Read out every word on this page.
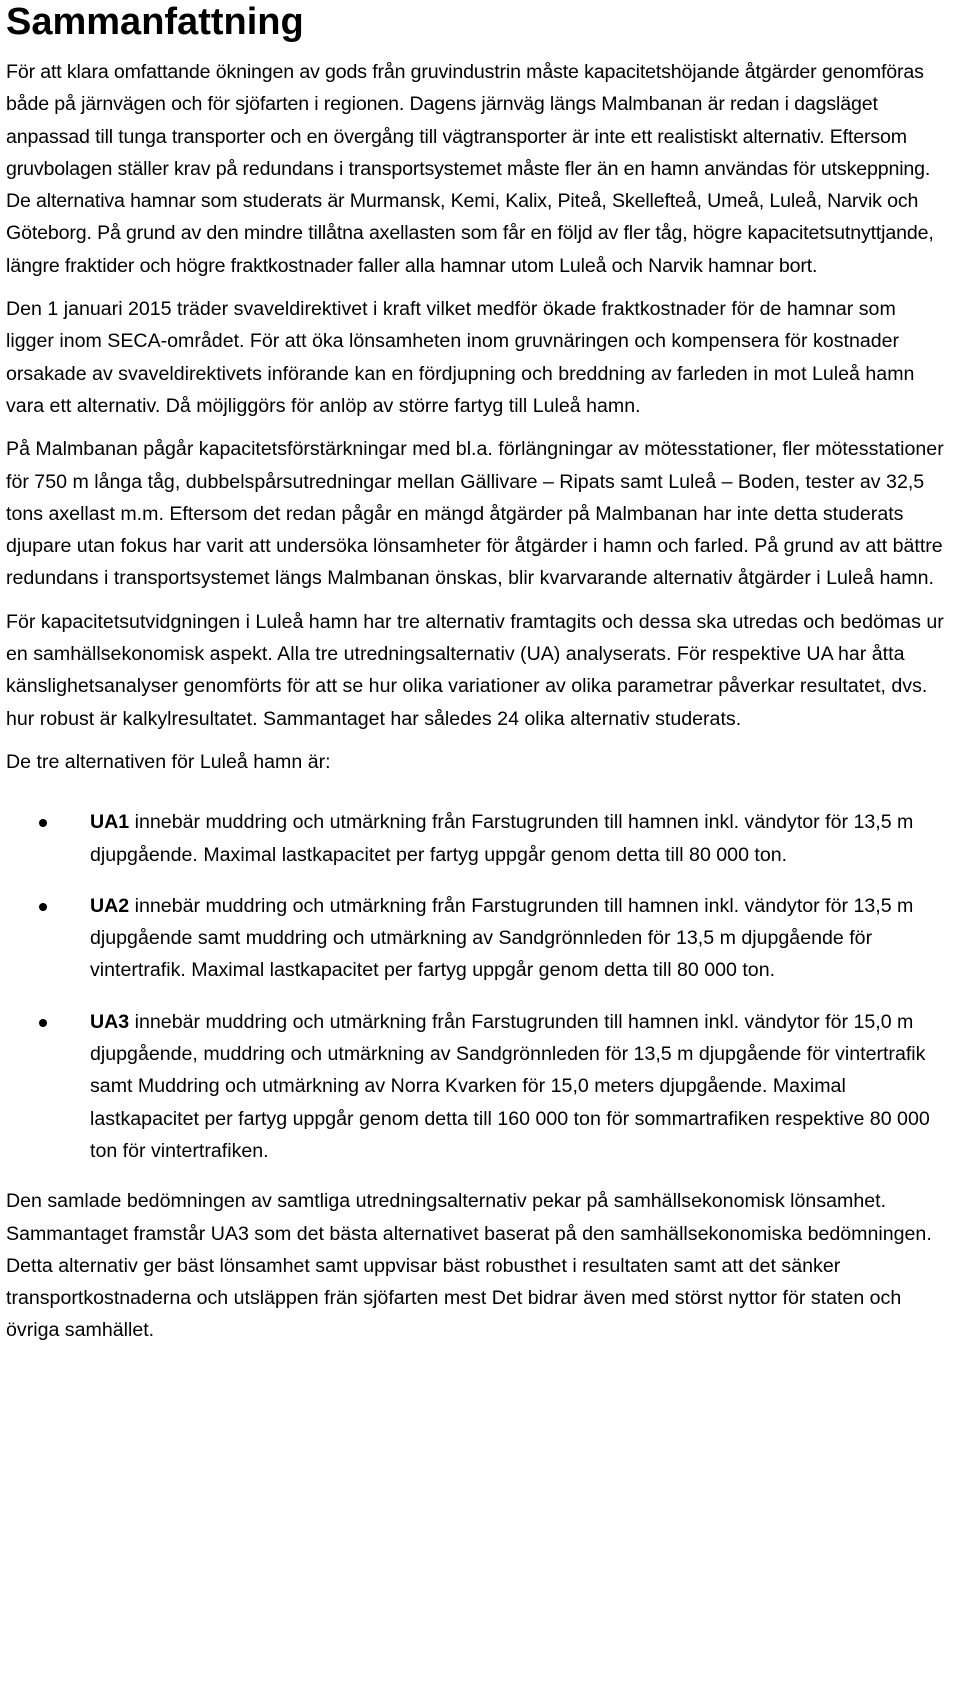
Sammanfattning

För att klara omfattande ökningen av gods från gruvindustrin måste kapacitetshöjande åtgärder genomföras både på järnvägen och för sjöfarten i regionen. Dagens järnväg längs Malmbanan är redan i dagsläget anpassad till tunga transporter och en övergång till vägtransporter är inte ett realistiskt alternativ. Eftersom gruvbolagen ställer krav på redundans i transportsystemet måste fler än en hamn användas för utskeppning. De alternativa hamnar som studerats är Murmansk, Kemi, Kalix, Piteå, Skellefteå, Umeå, Luleå, Narvik och Göteborg. På grund av den mindre tillåtna axellasten som får en följd av fler tåg, högre kapacitetsutnyttjande, längre fraktider och högre fraktkostnader faller alla hamnar utom Luleå och Narvik hamnar bort.

Den 1 januari 2015 träder svaveldirektivet i kraft vilket medför ökade fraktkostnader för de hamnar som ligger inom SECA-området. För att öka lönsamheten inom gruvnäringen och kompensera för kostnader orsakade av svaveldirektivets införande kan en fördjupning och breddning av farleden in mot Luleå hamn vara ett alternativ. Då möjliggörs för anlöp av större fartyg till Luleå hamn.

På Malmbanan pågår kapacitetsförstärkningar med bl.a. förlängningar av mötesstationer, fler mötesstationer för 750 m långa tåg, dubbelspårsutredningar mellan Gällivare – Ripats samt Luleå – Boden, tester av 32,5 tons axellast m.m. Eftersom det redan pågår en mängd åtgärder på Malmbanan har inte detta studerats djupare utan fokus har varit att undersöka lönsamheter för åtgärder i hamn och farled. På grund av att bättre redundans i transportsystemet längs Malmbanan önskas, blir kvarvarande alternativ åtgärder i Luleå hamn.

För kapacitetsutvidgningen i Luleå hamn har tre alternativ framtagits och dessa ska utredas och bedömas ur en samhällsekonomisk aspekt. Alla tre utredningsalternativ (UA) analyserats. För respektive UA har åtta känslighetsanalyser genomförts för att se hur olika variationer av olika parametrar påverkar resultatet, dvs. hur robust är kalkylresultatet. Sammantaget har således 24 olika alternativ studerats.

De tre alternativen för Luleå hamn är:

UA1 innebär muddring och utmärkning från Farstugrunden till hamnen inkl. vändytor för 13,5 m djupgående. Maximal lastkapacitet per fartyg uppgår genom detta till 80 000 ton.
UA2 innebär muddring och utmärkning från Farstugrunden till hamnen inkl. vändytor för 13,5 m djupgående samt muddring och utmärkning av Sandgrönnleden för 13,5 m djupgående för vintertrafik. Maximal lastkapacitet per fartyg uppgår genom detta till 80 000 ton.
UA3 innebär muddring och utmärkning från Farstugrunden till hamnen inkl. vändytor för 15,0 m djupgående, muddring och utmärkning av Sandgrönnleden för 13,5 m djupgående för vintertrafik samt Muddring och utmärkning av Norra Kvarken för 15,0 meters djupgående. Maximal lastkapacitet per fartyg uppgår genom detta till 160 000 ton för sommartrafiken respektive 80 000 ton för vintertrafiken.

Den samlade bedömningen av samtliga utredningsalternativ pekar på samhällsekonomisk lönsamhet. Sammantaget framstår UA3 som det bästa alternativet baserat på den samhällsekonomiska bedömningen. Detta alternativ ger bäst lönsamhet samt uppvisar bäst robusthet i resultaten samt att det sänker transportkostnaderna och utsläppen frän sjöfarten mest Det bidrar även med störst nyttor för staten och övriga samhället.
